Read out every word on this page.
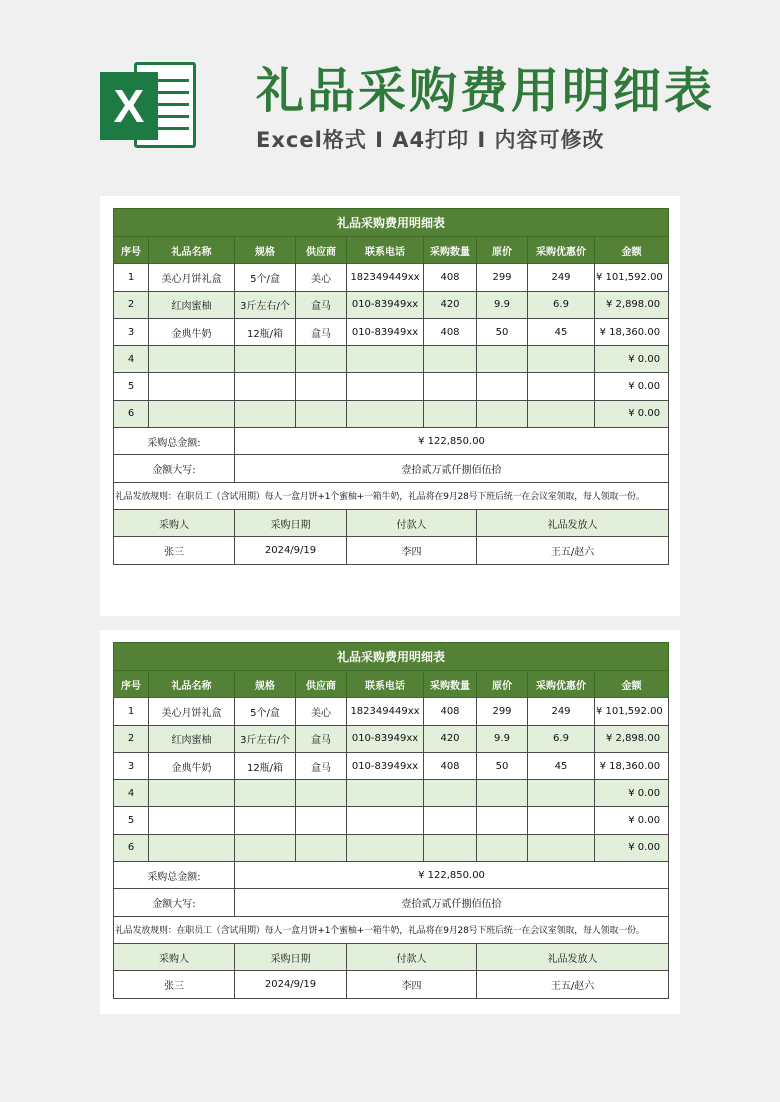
X 礼品采购费用明细表
Excel格式 I A4打印 I 内容可修改
礼品采购费用明细表								
序号	礼品名称	规格	供应商	联系电话	采购数量	原价	采购优惠价	金额
1	美心月饼礼盒	5个/盒	美心	182349449xx	408	299	249	¥ 101,592.00
2	红肉蜜柚	3斤左右/个	盒马	010-83949xx	420	9.9	6.9	¥ 2,898.00
3	金典牛奶	12瓶/箱	盒马	010-83949xx	408	50	45	¥ 18,360.00
4								¥ 0.00
5								¥ 0.00
6								¥ 0.00
采购总金额:		¥ 122,850.00						
金额大写:		壹拾贰万贰仟捌佰伍拾						
礼品发放规则：在职员工（含试用期）每人一盒月饼+1个蜜柚+一箱牛奶，礼品将在9月28号下班后统一在会议室领取，每人领取一份。								
采购人		采购日期		付款人		礼品发放人		
张三		2024/9/19		李四		王五/赵六		
礼品采购费用明细表								
序号	礼品名称	规格	供应商	联系电话	采购数量	原价	采购优惠价	金额
1	美心月饼礼盒	5个/盒	美心	182349449xx	408	299	249	¥ 101,592.00
2	红肉蜜柚	3斤左右/个	盒马	010-83949xx	420	9.9	6.9	¥ 2,898.00
3	金典牛奶	12瓶/箱	盒马	010-83949xx	408	50	45	¥ 18,360.00
4								¥ 0.00
5								¥ 0.00
6								¥ 0.00
采购总金额:		¥ 122,850.00						
金额大写:		壹拾贰万贰仟捌佰伍拾						
礼品发放规则：在职员工（含试用期）每人一盒月饼+1个蜜柚+一箱牛奶，礼品将在9月28号下班后统一在会议室领取，每人领取一份。								
采购人		采购日期		付款人		礼品发放人		
张三		2024/9/19		李四		王五/赵六		
